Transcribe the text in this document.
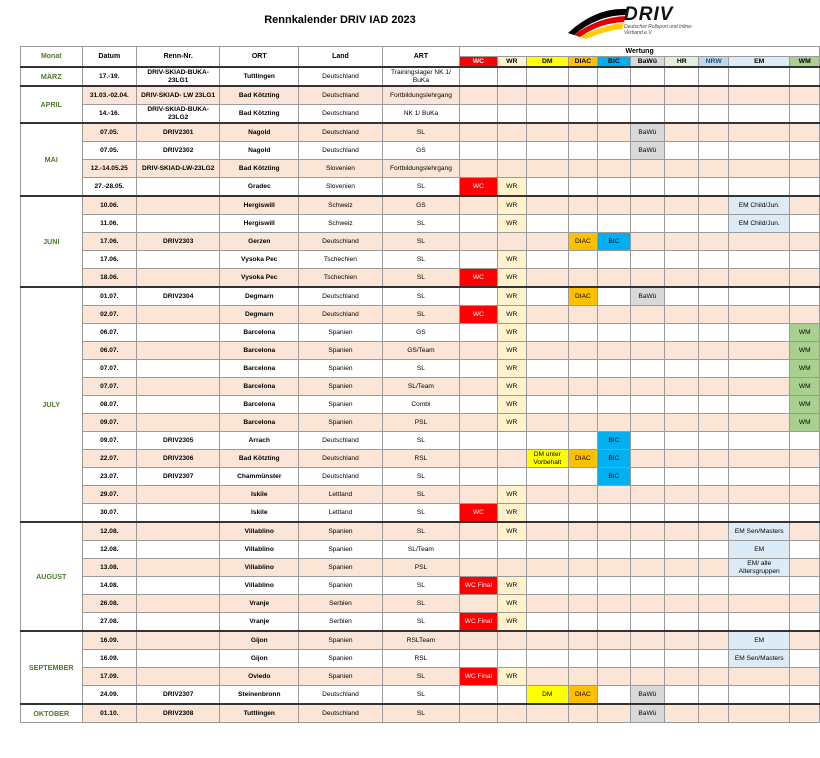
Rennkalender DRIV IAD 2023	DRIV
Deutscher Rollsport und Inline-Verband e.V.
Monat	Datum	Renn-Nr.	ORT	Land	ART	Wertung									
						WC	WR	DM	DIAC	BIC	BaWü	HR	NRW	EM	WM
MÄRZ	17.-19.	DRIV-SKIAD-BUKA-23LG1	Tuttlingen	Deutschland	Trainingslager NK 1/ BuKa										
APRIL	31.03.-02.04.	DRIV-SKIAD- LW 23LG1	Bad Kötzting	Deutschland	Fortbildungslehrgang										
	14.-16.	DRIV-SKIAD-BUKA-23LG2	Bad Kötzting	Deutschland	NK 1/ BuKa										
MAI	07.05.	DRIV2301	Nagold	Deutschland	SL						BaWü				
	07.05.	DRIV2302	Nagold	Deutschland	GS						BaWü				
	12.-14.05.25	DRIV-SKIAD-LW-23LG2	Bad Kötzting	Slovenien	Fortbildungslehrgang										
	27.-28.05.		Gradec	Slovenien	SL	WC	WR								
JUNI	10.06.		Hergiswill	Schweiz	GS		WR							EM Child/Jun.	
	11.06.		Hergiswill	Schweiz	SL		WR							EM Child/Jun.	
	17.06.	DRIV2303	Gerzen	Deutschland	SL				DIAC	BIC					
	17.06.		Vysoka Pec	Tschechien	SL		WR								
	18.06.		Vysoka Pec	Tschechien	SL	WC	WR								
JULY	01.07.	DRIV2304	Degmarn	Deutschland	SL		WR		DIAC		BaWü				
	02.07.		Degmarn	Deutschland	SL	WC	WR								
	06.07.		Barcelona	Spanien	GS		WR								WM
	06.07.		Barcelona	Spanien	GS/Team		WR								WM
	07.07.		Barcelona	Spanien	SL		WR								WM
	07.07.		Barcelona	Spanien	SL/Team		WR								WM
	08.07.		Barcelona	Spanien	Combi		WR								WM
	09.07.		Barcelona	Spanien	PSL		WR								WM
	09.07.	DRIV2305	Arrach	Deutschland	SL					BIC					
	22.07.	DRIV2306	Bad Kötzting	Deutschland	RSL			DM unter Vorbehalt	DIAC	BIC					
	23.07.	DRIV2307	Chammünster	Deutschland	SL					BIC					
	29.07.		Iskile	Lettland	SL		WR								
	30.07.		Iskile	Lettland	SL	WC	WR								
AUGUST	12.08.		Villablino	Spanien	SL		WR							EM Sen/Masters	
	12.08.		Villablino	Spanien	SL/Team									EM	
	13.08.		Villablino	Spanien	PSL									EM/ alle Altersgruppen	
	14.08.		Villablino	Spanien	SL	WC Final	WR								
	26.08.		Vranje	Serbien	SL		WR								
	27.08.		Vranje	Serbien	SL	WC Final	WR								
SEPTEMBER	16.09.		Gijon	Spanien	RSLTeam									EM	
	16.09.		Gijon	Spanien	RSL									EM Sen/Masters	
	17.09.		Oviedo	Spanien	SL	WC Final	WR								
	24.09.	DRIV2307	Steinenbronn	Deutschland	SL			DM	DIAC		BaWü				
OKTOBER	01.10.	DRIV2308	Tuttlingen	Deutschland	SL						BaWü				
